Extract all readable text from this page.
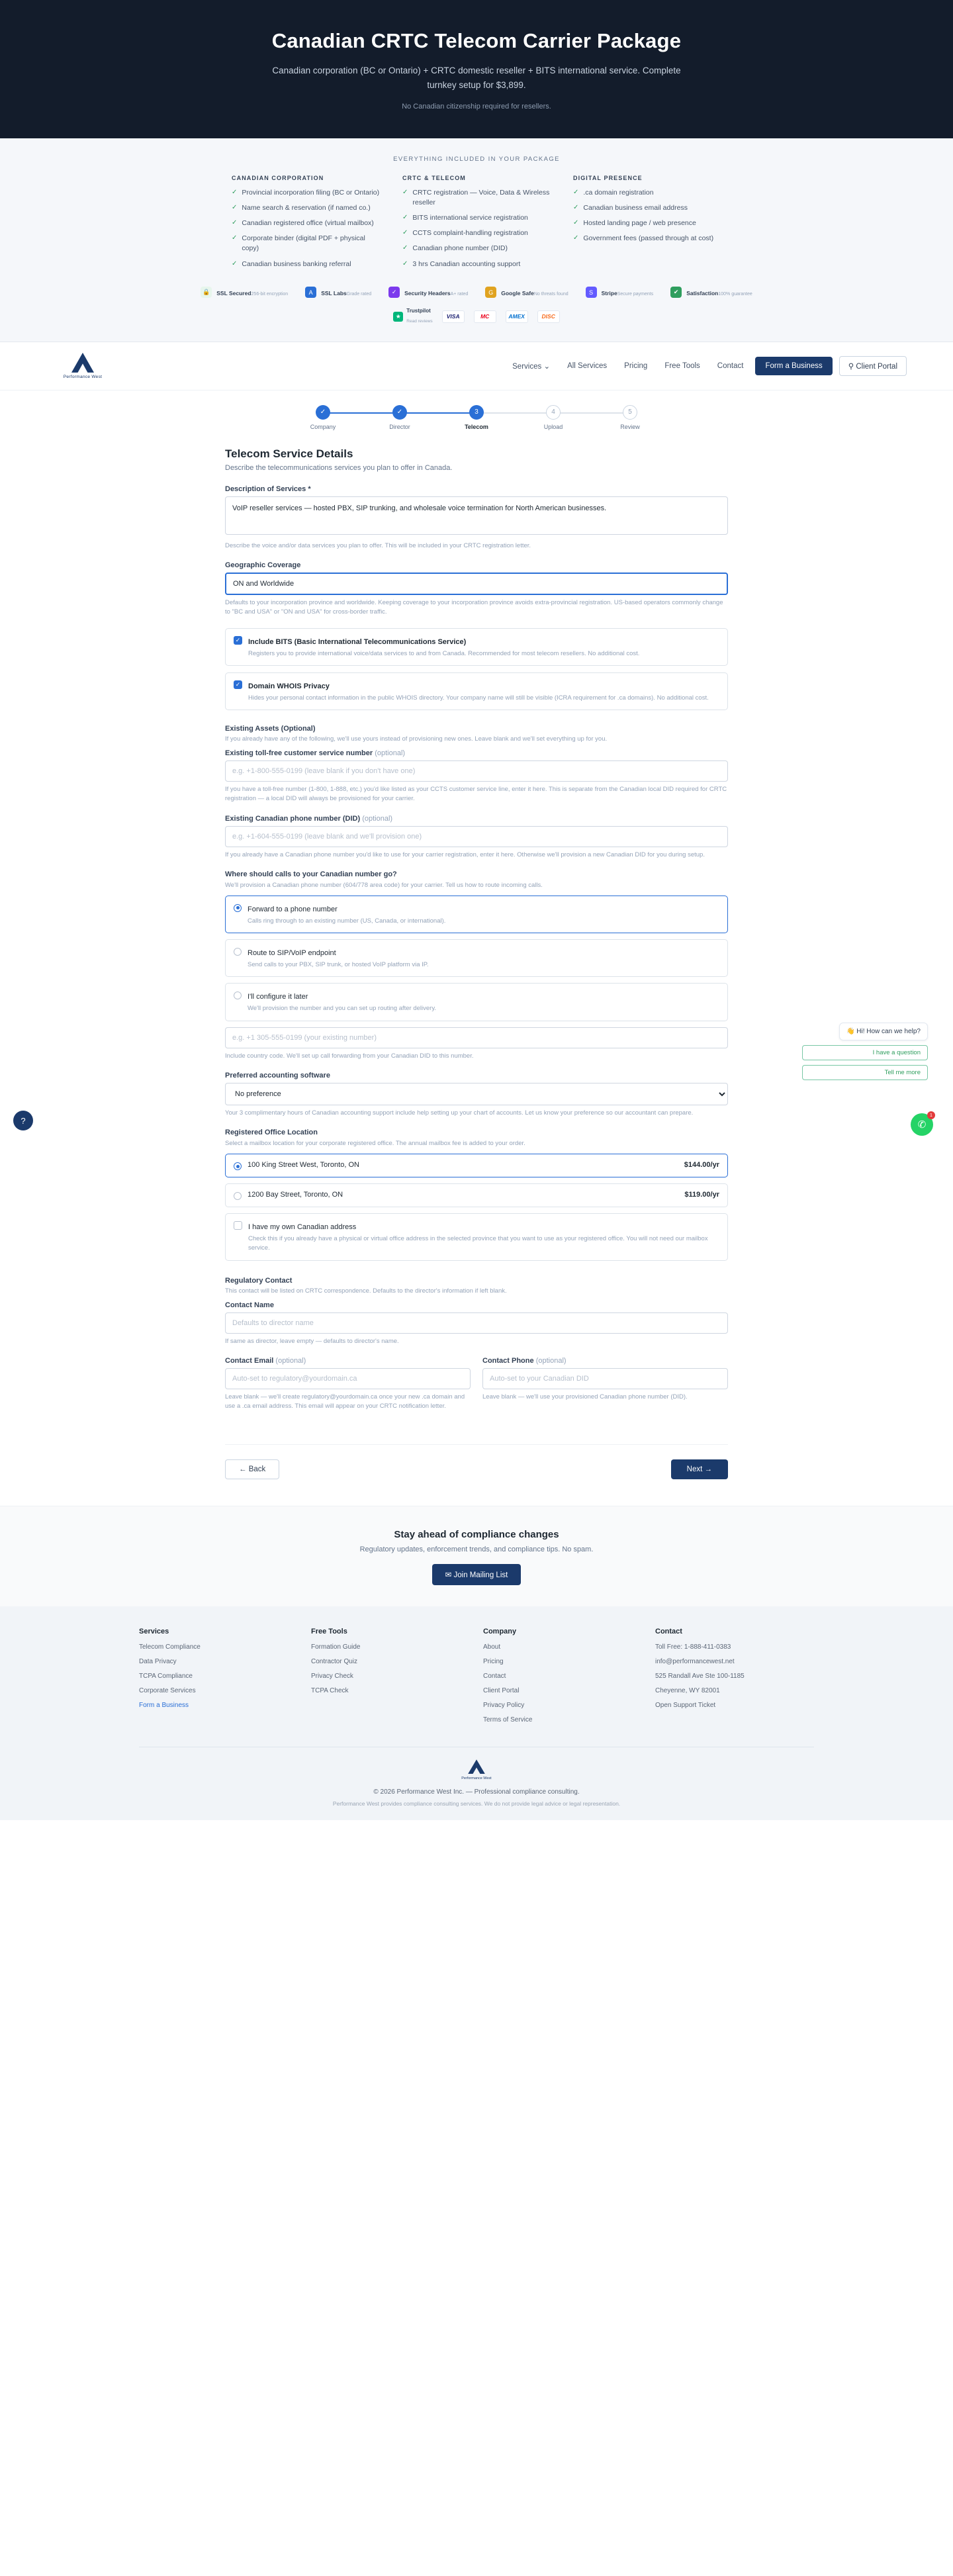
Canadian CRTC Telecom Carrier Package

Canadian corporation (BC or Ontario) + CRTC domestic reseller + BITS international service. Complete turnkey setup for $3,899.

No Canadian citizenship required for resellers.
EVERYTHING INCLUDED IN YOUR PACKAGE
CANADIAN CORPORATION
✓ Provincial incorporation filing (BC or Ontario)
✓ Name search & reservation (if named co.)
✓ Canadian registered office (virtual mailbox)
✓ Corporate binder (digital PDF + physical copy)
✓ Canadian business banking referral
CRTC & TELECOM
✓ CRTC registration — Voice, Data & Wireless reseller
✓ BITS international service registration
✓ CCTS complaint-handling registration
✓ Canadian phone number (DID)
✓ 3 hrs Canadian accounting support
DIGITAL PRESENCE
✓ .ca domain registration
✓ Canadian business email address
✓ Hosted landing page / web presence
✓ Government fees (passed through at cost)
🔒	SSL Secured256-bit encryption	A	SSL LabsGrade rated	✓	Security HeadersA+ rated	G	Google SafeNo threats found	S	StripeSecure payments	✔	Satisfaction100% guarantee
★
Trustpilot
Read reviews
VISA	MC	AMEX	DISC
Performance West
Services ⌄ All Services Pricing Free Tools Contact	Form a Business	⚲ Client Portal
✓
Company
✓
Director
3
Telecom
4
Upload
5
Review
Telecom Service Details

Describe the telecommunications services you plan to offer in Canada.

Description of Services *
VoIP reseller services — hosted PBX, SIP trunking, and wholesale voice termination for North American businesses.
Describe the voice and/or data services you plan to offer. This will be included in your CRTC registration letter.
Geographic Coverage
ON and Worldwide
Defaults to your incorporation province and worldwide. Keeping coverage to your incorporation province avoids extra-provincial registration. US-based operators commonly change to "BC and USA" or "ON and USA" for cross-border traffic.
✓ Include BITS (Basic International Telecommunications Service)
Registers you to provide international voice/data services to and from Canada. Recommended for most telecom resellers. No additional cost.
✓ Domain WHOIS Privacy
Hides your personal contact information in the public WHOIS directory. Your company name will still be visible (ICRA requirement for .ca domains). No additional cost.
Existing Assets (Optional)
If you already have any of the following, we'll use yours instead of provisioning new ones. Leave blank and we'll set everything up for you.
Existing toll-free customer service number (optional)
e.g. +1-800-555-0199 (leave blank if you don't have one)
If you have a toll-free number (1-800, 1-888, etc.) you'd like listed as your CCTS customer service line, enter it here. This is separate from the Canadian local DID required for CRTC registration — a local DID will always be provisioned for your carrier.
Existing Canadian phone number (DID) (optional)
e.g. +1-604-555-0199 (leave blank and we'll provision one)
If you already have a Canadian phone number you'd like to use for your carrier registration, enter it here. Otherwise we'll provision a new Canadian DID for you during setup.
Where should calls to your Canadian number go?
We'll provision a Canadian phone number (604/778 area code) for your carrier. Tell us how to route incoming calls.
Forward to a phone number
Calls ring through to an existing number (US, Canada, or international).
Route to SIP/VoIP endpoint
Send calls to your PBX, SIP trunk, or hosted VoIP platform via IP.
I'll configure it later
We'll provision the number and you can set up routing after delivery.
e.g. +1 305-555-0199 (your existing number)
Include country code. We'll set up call forwarding from your Canadian DID to this number.
Preferred accounting software
No preference
Your 3 complimentary hours of Canadian accounting support include help setting up your chart of accounts. Let us know your preference so our accountant can prepare.
Registered Office Location
Select a mailbox location for your corporate registered office. The annual mailbox fee is added to your order.
100 King Street West, Toronto, ON	$144.00/yr
1200 Bay Street, Toronto, ON	$119.00/yr
I have my own Canadian address
Check this if you already have a physical or virtual office address in the selected province that you want to use as your registered office. You will not need our mailbox service.
Regulatory Contact
This contact will be listed on CRTC correspondence. Defaults to the director's information if left blank.
Contact Name
Defaults to director name
If same as director, leave empty — defaults to director's name.
Contact Email (optional)
Auto-set to regulatory@yourdomain.ca
Leave blank — we'll create regulatory@yourdomain.ca once your new .ca domain and use a .ca email address. This email will appear on your CRTC notification letter.
Contact Phone (optional)
Auto-set to your Canadian DID
Leave blank — we'll use your provisioned Canadian phone number (DID).
← Back	Next →
👋 Hi! How can we help?
I have a question
Tell me more
✆
1
?
Stay ahead of compliance changes

Regulatory updates, enforcement trends, and compliance tips. No spam.

✉ Join Mailing List
Services
Telecom Compliance
Data Privacy
TCPA Compliance
Corporate Services
Form a Business
Free Tools
Formation Guide
Contractor Quiz
Privacy Check
TCPA Check
Company
About
Pricing
Contact
Client Portal
Privacy Policy
Terms of Service
Contact
Toll Free: 1-888-411-0383
info@performancewest.net
525 Randall Ave Ste 100-1185
Cheyenne, WY 82001
Open Support Ticket
Performance West
© 2026 Performance West Inc. — Professional compliance consulting.
Performance West provides compliance consulting services. We do not provide legal advice or legal representation.
